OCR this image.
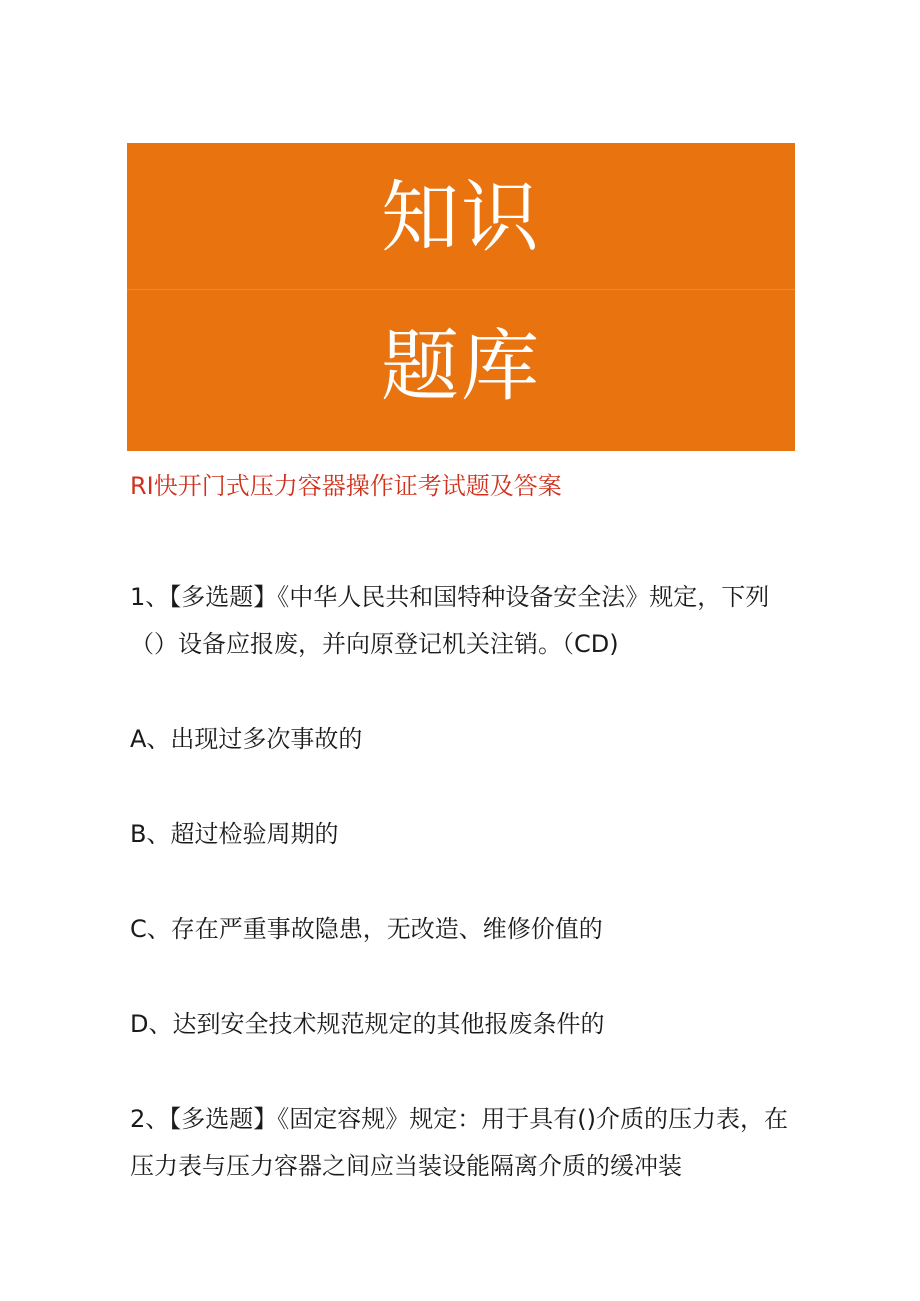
知识
题库
RI快开门式压力容器操作证考试题及答案
1、【多选题】《中华人民共和国特种设备安全法》规定，下列（）设备应报废，并向原登记机关注销。（CD)
A、出现过多次事故的
B、超过检验周期的
C、存在严重事故隐患，无改造、维修价值的
D、达到安全技术规范规定的其他报废条件的
2、【多选题】《固定容规》规定：用于具有()介质的压力表，在压力表与压力容器之间应当装设能隔离介质的缓冲装
